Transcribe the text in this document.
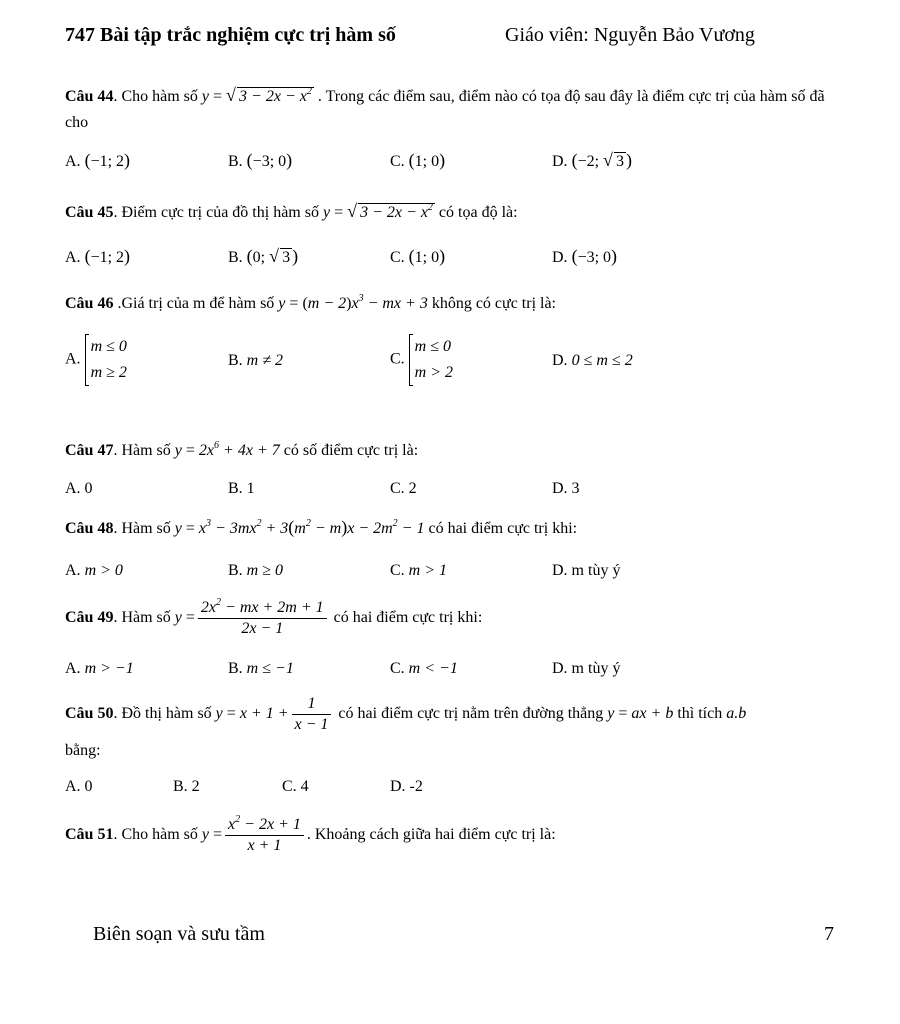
747 Bài tập trắc nghiệm cực trị hàm số	Giáo viên: Nguyễn Bảo Vương
Câu 44. Cho hàm số y = √ $3 - 2x - x^2$ . Trong các điểm sau, điểm nào có tọa độ sau đây là điểm cực trị của hàm số đã cho
A. (−1; 2)	B. (−3; 0)	C. (1; 0)	D. (−2; √ 3 )
Câu 45. Điểm cực trị của đồ thị hàm số y = √ $3 - 2x - x^2$ có tọa độ là:
A. (−1; 2)	B. (0; √ 3 )	C. (1; 0)	D. (−3; 0)
Câu 46 .Giá trị của m để hàm số $y = (m - 2)x^3$ − mx + 3 không có cực trị là:
A.
m ≤ 0
m ≥ 2
B. m ≠ 2	C.
m ≤ 0
m > 2
D. 0 ≤ m ≤ 2
Câu 47. Hàm số $y = 2x^6 + 4x + 7$ có số điểm cực trị là:
A. 0	B. 1	C. 2	D. 3
Câu 48. Hàm số $y = x^3 - 3mx^2 + 3(m^2 - m)x - 2m^2 - 1$ có hai điểm cực trị khi:
A. m > 0	B. m ≥ 0	C. m > 1	D. m tùy ý
Câu 49. Hàm số $y = \frac{2x^2 - mx + 2m + 1}{2x - 1}$ có hai điểm cực trị khi:
A. m > −1	B. m ≤ −1	C. m < −1	D. m tùy ý
Câu 50. Đồ thị hàm số $y = x + 1 + \frac{1}{x - 1}$ có hai điểm cực trị nằm trên đường thẳng y = ax + b thì tích a.b
bằng:
A. 0	B. 2	C. 4	D. -2
Câu 51. Cho hàm số $y = \frac{x^2 - 2x + 1}{x + 1}$ . Khoảng cách giữa hai điểm cực trị là:
Biên soạn và sưu tầm	7
